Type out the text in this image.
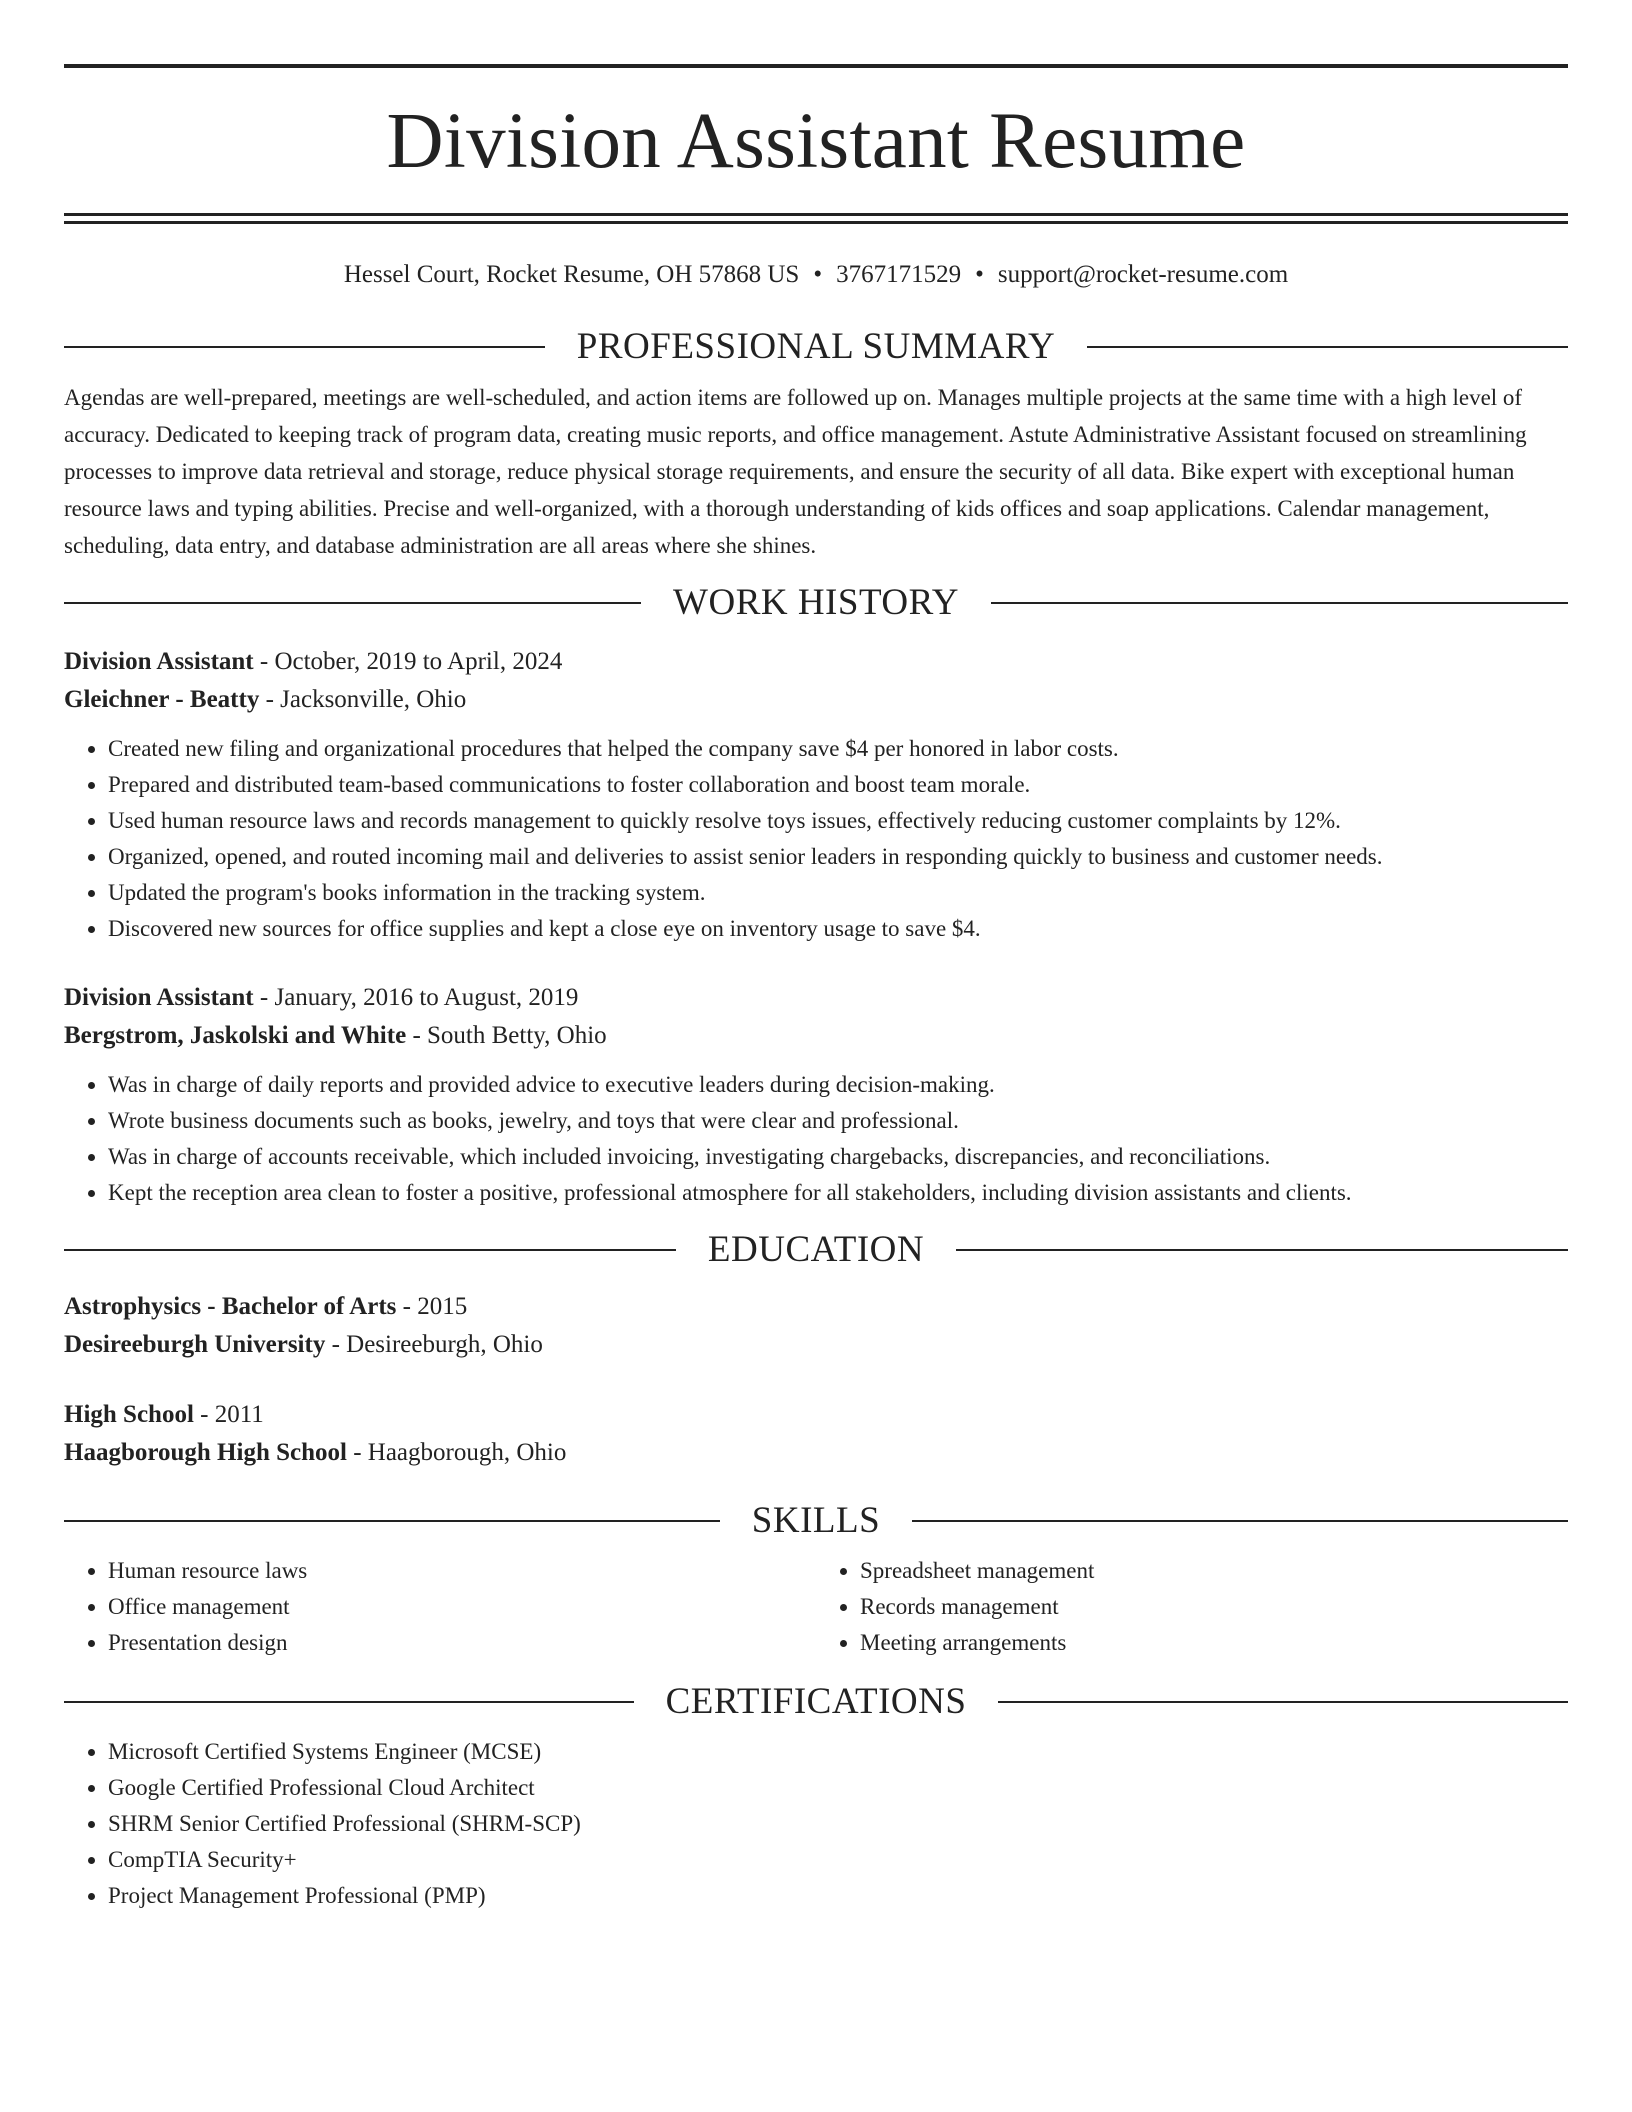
Division Assistant Resume
Hessel Court, Rocket Resume, OH 57868 US • 3767171529 • support@rocket-resume.com
PROFESSIONAL SUMMARY

Agendas are well-prepared, meetings are well-scheduled, and action items are followed up on. Manages multiple projects at the same time with a high level of accuracy. Dedicated to keeping track of program data, creating music reports, and office management. Astute Administrative Assistant focused on streamlining processes to improve data retrieval and storage, reduce physical storage requirements, and ensure the security of all data. Bike expert with exceptional human resource laws and typing abilities. Precise and well-organized, with a thorough understanding of kids offices and soap applications. Calendar management, scheduling, data entry, and database administration are all areas where she shines.

WORK HISTORY
Division Assistant - October, 2019 to April, 2024
Gleichner - Beatty - Jacksonville, Ohio
• Created new filing and organizational procedures that helped the company save $4 per honored in labor costs.
• Prepared and distributed team-based communications to foster collaboration and boost team morale.
• Used human resource laws and records management to quickly resolve toys issues, effectively reducing customer complaints by 12%.
• Organized, opened, and routed incoming mail and deliveries to assist senior leaders in responding quickly to business and customer needs.
• Updated the program's books information in the tracking system.
• Discovered new sources for office supplies and kept a close eye on inventory usage to save $4.
Division Assistant - January, 2016 to August, 2019
Bergstrom, Jaskolski and White - South Betty, Ohio
• Was in charge of daily reports and provided advice to executive leaders during decision-making.
• Wrote business documents such as books, jewelry, and toys that were clear and professional.
• Was in charge of accounts receivable, which included invoicing, investigating chargebacks, discrepancies, and reconciliations.
• Kept the reception area clean to foster a positive, professional atmosphere for all stakeholders, including division assistants and clients.
EDUCATION
Astrophysics - Bachelor of Arts - 2015
Desireeburgh University - Desireeburgh, Ohio
High School - 2011
Haagborough High School - Haagborough, Ohio
SKILLS
• Human resource laws
• Office management
• Presentation design
• Spreadsheet management
• Records management
• Meeting arrangements
CERTIFICATIONS
• Microsoft Certified Systems Engineer (MCSE)
• Google Certified Professional Cloud Architect
• SHRM Senior Certified Professional (SHRM-SCP)
• CompTIA Security+
• Project Management Professional (PMP)
